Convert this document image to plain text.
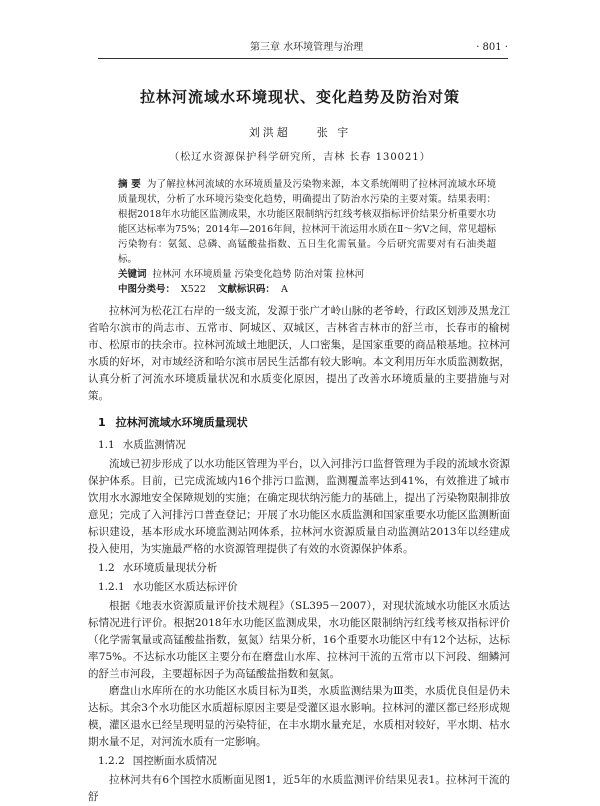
第三章 水环境管理与治理	· 801 ·
拉林河流域水环境现状、变化趋势及防治对策
刘洪超 张 宇
（松辽水资源保护科学研究所，吉林 长春 130021）
摘 要 为了解拉林河流域的水环境质量及污染物来源，本文系统阐明了拉林河流域水环境质量现状，分析了水环境污染变化趋势，明确提出了防治水污染的主要对策。结果表明：根据2018年水功能区监测成果，水功能区限制纳污红线考核双指标评价结果分析重要水功能区达标率为75%；2014年—2016年间，拉林河干流运用水质在Ⅱ～劣Ⅴ之间，常见超标污染物有：氨氮、总磷、高锰酸盐指数、五日生化需氧量。今后研究需要对有石油类超标。
关键词 拉林河 水环境质量 污染变化趋势 防治对策 拉林河
中图分类号： X522 文献标识码： A

拉林河为松花江右岸的一级支流，发源于张广才岭山脉的老爷岭，行政区划涉及黑龙江省哈尔滨市的尚志市、五常市、阿城区、双城区，吉林省吉林市的舒兰市，长春市的榆树市、松原市的扶余市。拉林河流域土地肥沃，人口密集，是国家重要的商品粮基地。拉林河水质的好坏，对市域经济和哈尔滨市居民生活都有较大影响。本文利用历年水质监测数据，认真分析了河流水环境质量状况和水质变化原因，提出了改善水环境质量的主要措施与对策。

1 拉林河流域水环境质量现状
1.1 水质监测情况

流域已初步形成了以水功能区管理为平台，以入河排污口监督管理为手段的流域水资源保护体系。目前，已完成流域内16个排污口监测，监测覆盖率达到41%，有效推进了城市饮用水水源地安全保障规划的实施；在确定现状纳污能力的基础上，提出了污染物限制排放意见；完成了入河排污口普查登记；开展了水功能区水质监测和国家重要水功能区监测断面标识建设，基本形成水环境监测站网体系，拉林河水资源质量自动监测站2013年以经建成投入使用，为实施最严格的水资源管理提供了有效的水资源保护体系。

1.2 水环境质量现状分析
1.2.1 水功能区水质达标评价

根据《地表水资源质量评价技术规程》（SL395－2007），对现状流域水功能区水质达标情况进行评价。根据2018年水功能区监测成果，水功能区限制纳污红线考核双指标评价（化学需氧量或高锰酸盐指数，氨氮）结果分析，16个重要水功能区中有12个达标，达标率75%。不达标水功能区主要分布在磨盘山水库、拉林河干流的五常市以下河段、细鳞河的舒兰市河段，主要超标因子为高锰酸盐指数和氨氮。

磨盘山水库所在的水功能区水质目标为Ⅱ类，水质监测结果为Ⅲ类，水质优良但是仍未达标。其余3个水功能区水质超标原因主要是受灌区退水影响。拉林河的灌区都已经形成规模，灌区退水已经呈现明显的污染特征，在丰水期水量充足，水质相对较好，平水期、枯水期水量不足，对河流水质有一定影响。

1.2.2 国控断面水质情况

拉林河共有6个国控水质断面见图1，近5年的水质监测评价结果见表1。拉林河干流的舒
